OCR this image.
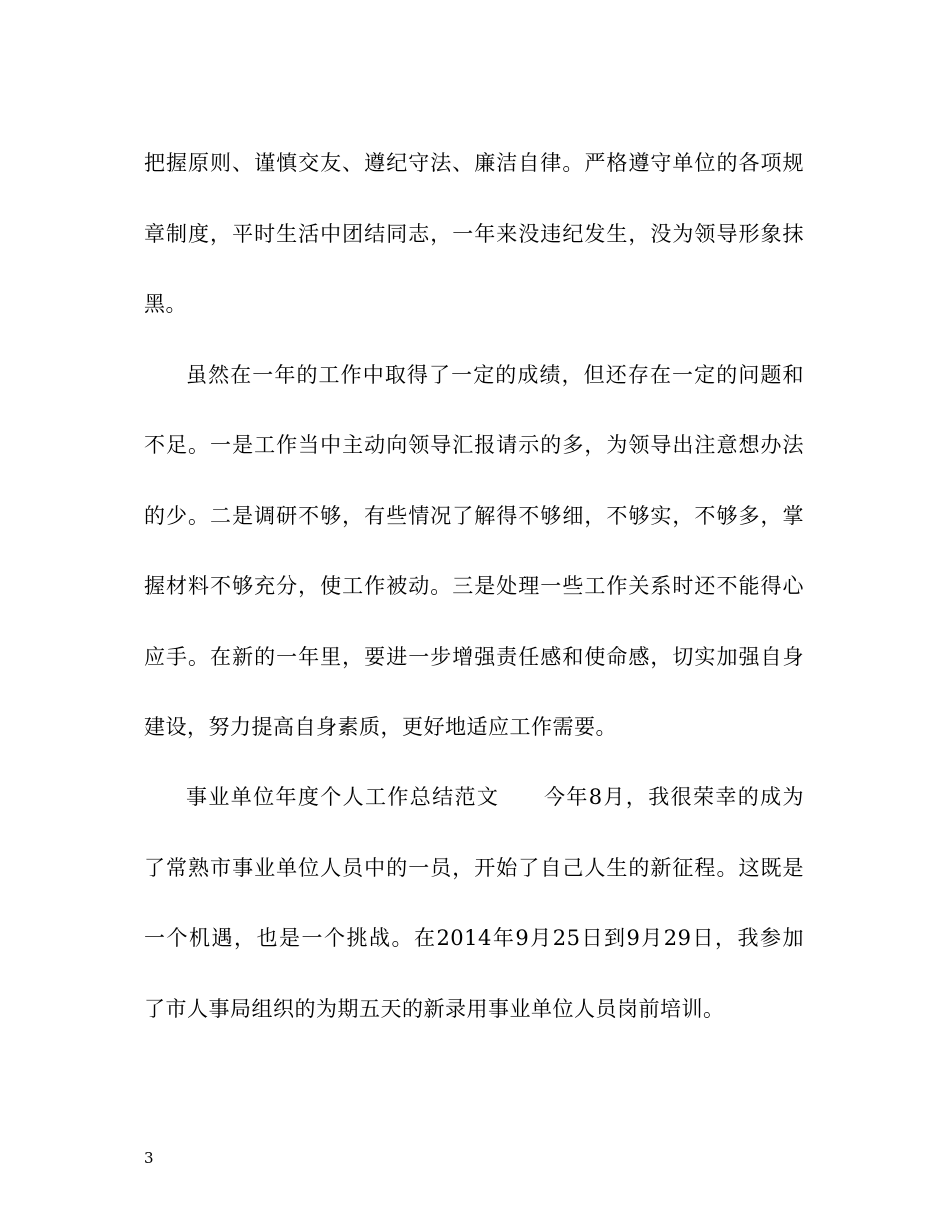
把握原则、谨慎交友、遵纪守法、廉洁自律。严格遵守单位的各项规
章制度，平时生活中团结同志，一年来没违纪发生，没为领导形象抹
黑。
虽然在一年的工作中取得了一定的成绩，但还存在一定的问题和
不足。一是工作当中主动向领导汇报请示的多，为领导出注意想办法
的少。二是调研不够，有些情况了解得不够细，不够实，不够多，掌
握材料不够充分，使工作被动。三是处理一些工作关系时还不能得心
应手。在新的一年里，要进一步增强责任感和使命感，切实加强自身
建设，努力提高自身素质，更好地适应工作需要。
事业单位年度个人工作总结范文　　今年8月，我很荣幸的成为
了常熟市事业单位人员中的一员，开始了自己人生的新征程。这既是
一个机遇，也是一个挑战。在2014年9月25日到9月29日，我参加
了市人事局组织的为期五天的新录用事业单位人员岗前培训。
3
